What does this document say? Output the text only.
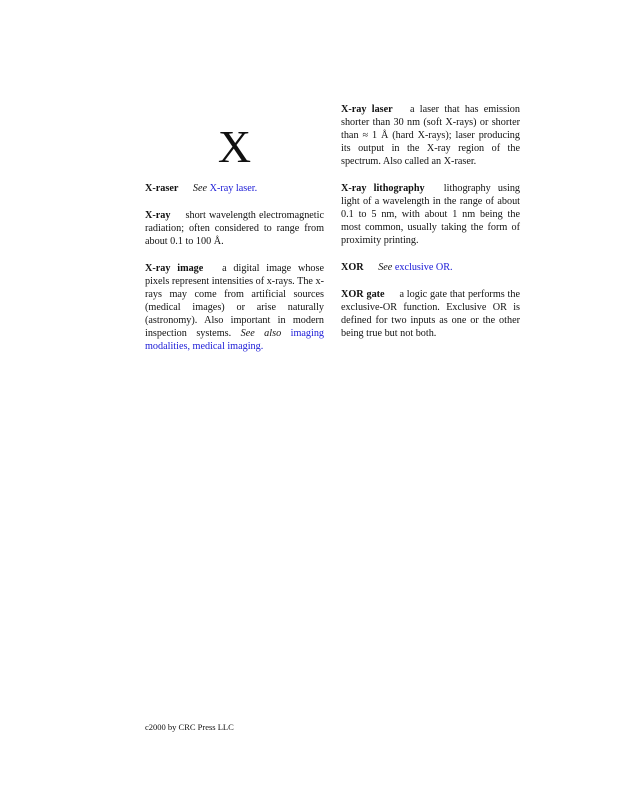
X

X-raser See X-ray laser.

X-ray short wavelength electromagnetic radiation; often considered to range from about 0.1 to 100 Å.

X-ray image a digital image whose pixels represent intensities of x-rays. The x-rays may come from artificial sources (medical images) or arise naturally (astronomy). Also important in modern inspection systems. See also imaging modalities, medical imaging.

X-ray laser a laser that has emission shorter than 30 nm (soft X-rays) or shorter than ≈ 1 Å (hard X-rays); laser producing its output in the X-ray region of the spectrum. Also called an X-raser.

X-ray lithography lithography using light of a wavelength in the range of about 0.1 to 5 nm, with about 1 nm being the most common, usually taking the form of proximity printing.

XOR See exclusive OR.

XOR gate a logic gate that performs the exclusive-OR function. Exclusive OR is defined for two inputs as one or the other being true but not both.

c2000 by CRC Press LLC
